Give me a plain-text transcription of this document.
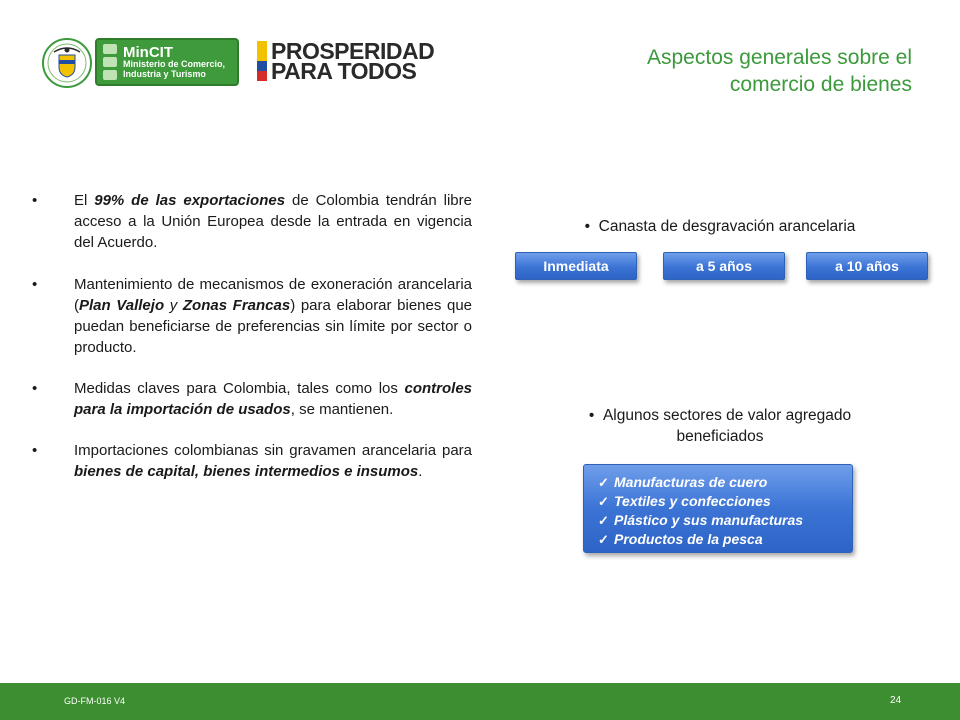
MinCIT
Ministerio de Comercio,
Industria y Turismo
PROSPERIDAD
PARA TODOS
Aspectos generales sobre el
comercio de bienes
•	El 99% de las exportaciones de Colombia tendrán libre acceso a la Unión Europea desde la entrada en vigencia del Acuerdo.
•	Mantenimiento de mecanismos de exoneración arancelaria (Plan Vallejo y Zonas Francas) para elaborar bienes que puedan beneficiarse de preferencias sin límite por sector o producto.
•	Medidas claves para Colombia, tales como los controles para la importación de usados, se mantienen.
•	Importaciones colombianas sin gravamen arancelaria para bienes de capital, bienes intermedios e insumos.
•  Canasta de desgravación arancelaria
Inmediata	a 5 años	a 10 años
•  Algunos sectores de valor agregado
beneficiados
✓ Manufacturas de cuero
✓ Textiles y confecciones
✓ Plástico y sus manufacturas
✓ Productos de la pesca
GD-FM-016 V4	24
